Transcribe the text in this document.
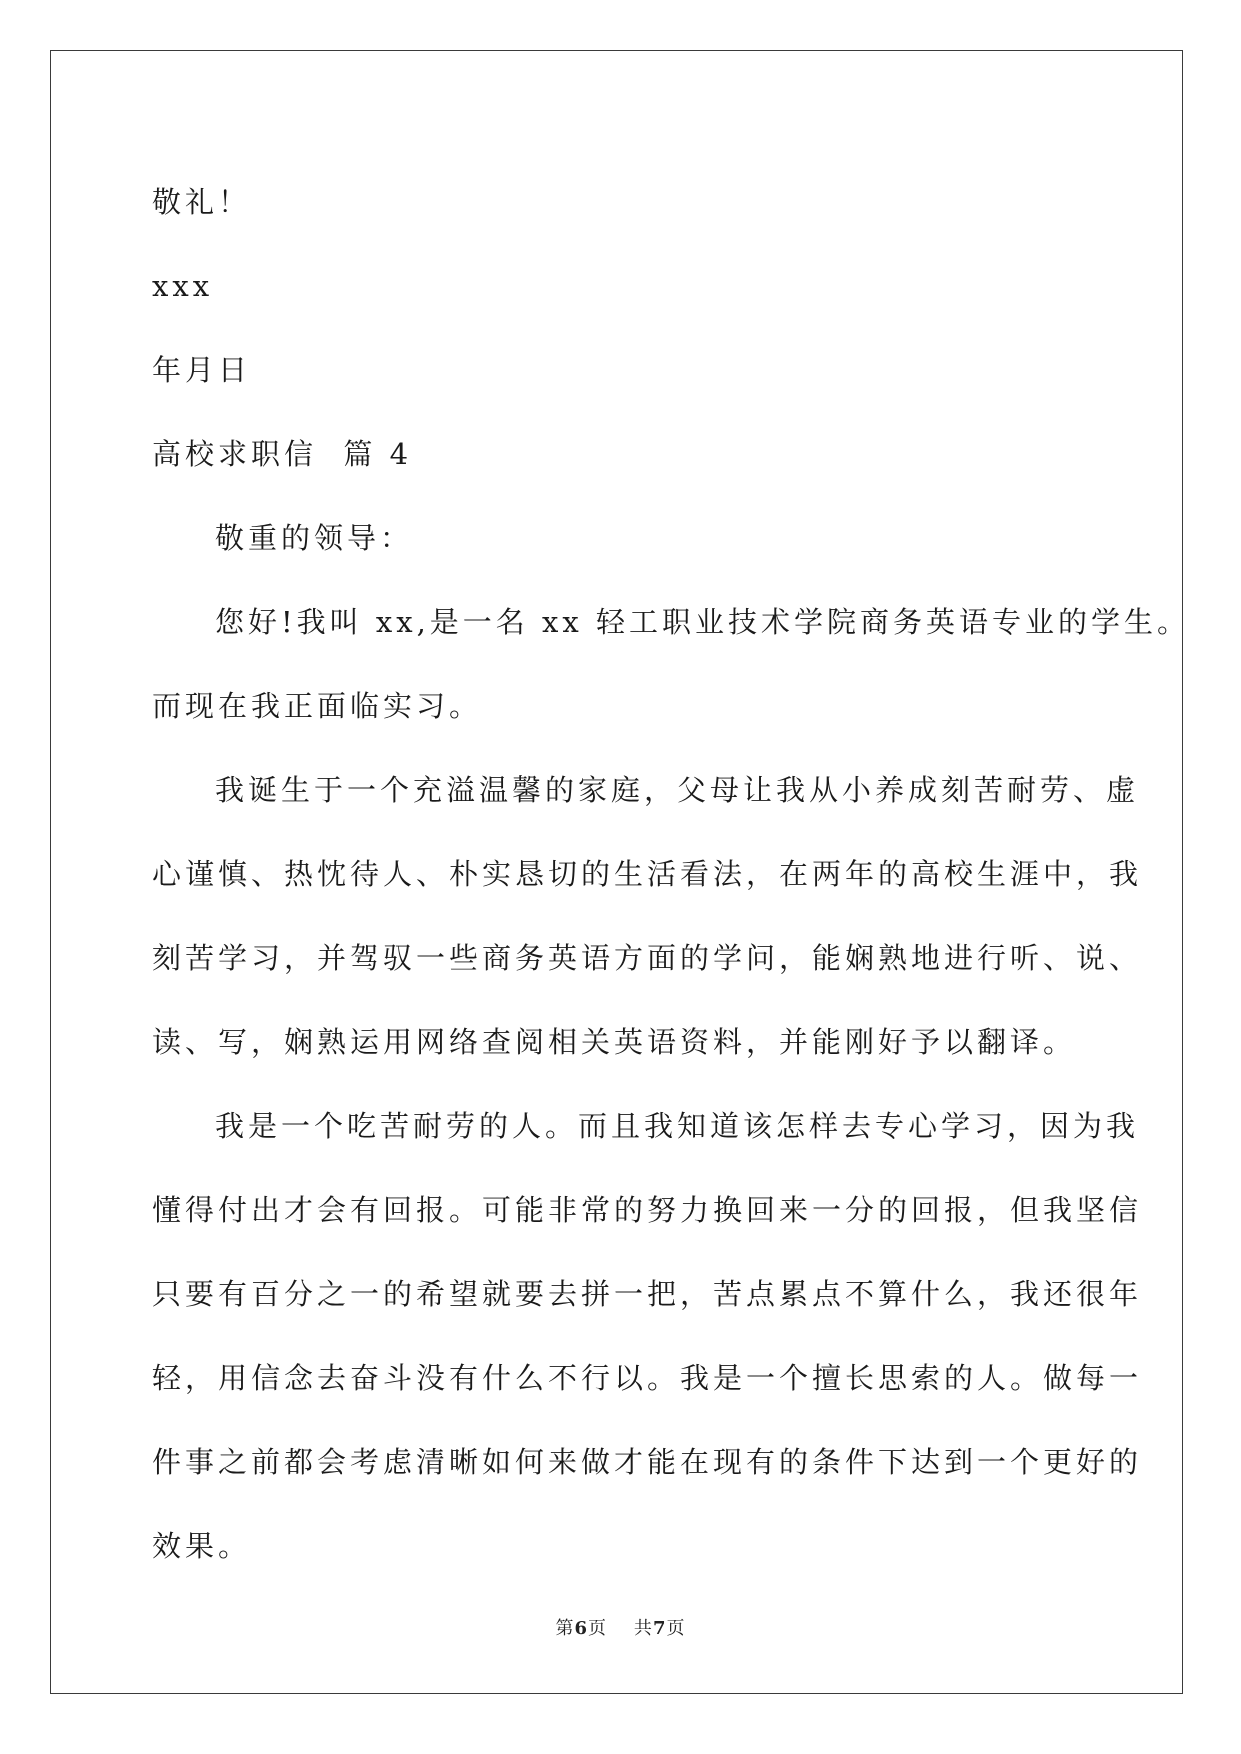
敬礼！
xxx
年月日
高校求职信  篇 4
敬重的领导：
您好!我叫 xx,是一名 xx 轻工职业技术学院商务英语专业的学生。
而现在我正面临实习。
我诞生于一个充溢温馨的家庭，父母让我从小养成刻苦耐劳、虚
心谨慎、热忱待人、朴实恳切的生活看法，在两年的高校生涯中，我
刻苦学习，并驾驭一些商务英语方面的学问，能娴熟地进行听、说、
读、写，娴熟运用网络查阅相关英语资料，并能刚好予以翻译。
我是一个吃苦耐劳的人。而且我知道该怎样去专心学习，因为我
懂得付出才会有回报。可能非常的努力换回来一分的回报，但我坚信
只要有百分之一的希望就要去拼一把，苦点累点不算什么，我还很年
轻，用信念去奋斗没有什么不行以。我是一个擅长思索的人。做每一
件事之前都会考虑清晰如何来做才能在现有的条件下达到一个更好的
效果。
第6页    共7页
